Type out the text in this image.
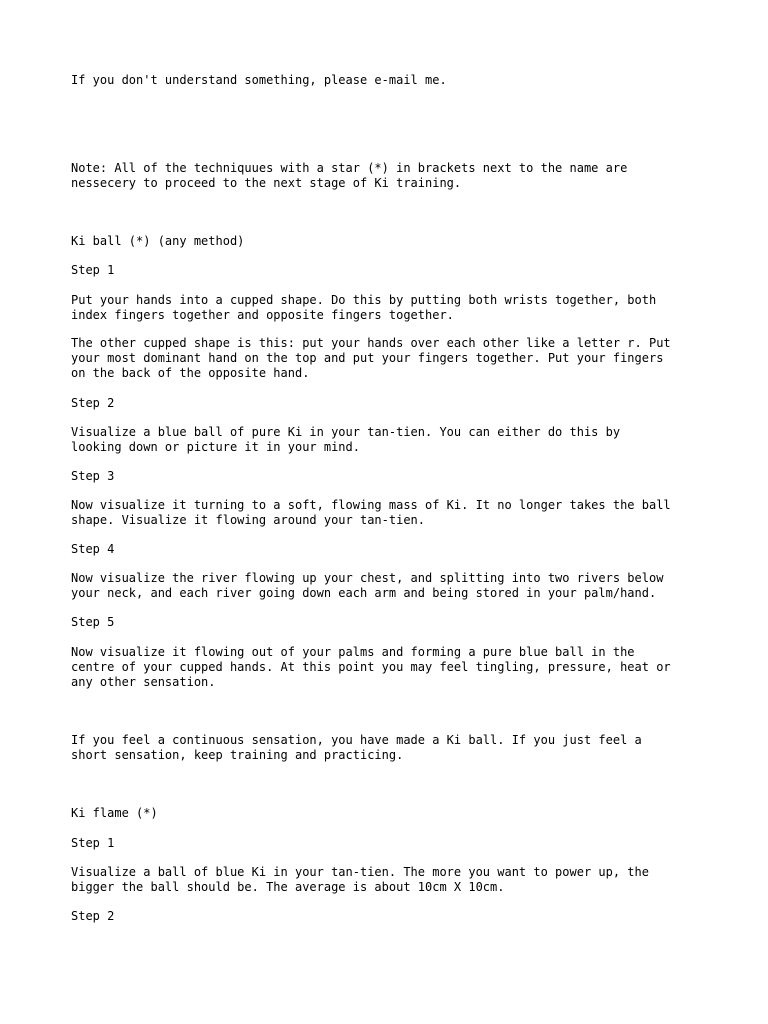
If you don't understand something, please e-mail me.

Note: All of the techniquues with a star (*) in brackets next to the name are
nessecery to proceed to the next stage of Ki training.

Ki ball (*) (any method)

Step 1

Put your hands into a cupped shape. Do this by putting both wrists together, both
index fingers together and opposite fingers together.

The other cupped shape is this: put your hands over each other like a letter r. Put
your most dominant hand on the top and put your fingers together. Put your fingers
on the back of the opposite hand.

Step 2

Visualize a blue ball of pure Ki in your tan-tien. You can either do this by
looking down or picture it in your mind.

Step 3

Now visualize it turning to a soft, flowing mass of Ki. It no longer takes the ball
shape. Visualize it flowing around your tan-tien.

Step 4

Now visualize the river flowing up your chest, and splitting into two rivers below
your neck, and each river going down each arm and being stored in your palm/hand.

Step 5

Now visualize it flowing out of your palms and forming a pure blue ball in the
centre of your cupped hands. At this point you may feel tingling, pressure, heat or
any other sensation.

If you feel a continuous sensation, you have made a Ki ball. If you just feel a
short sensation, keep training and practicing.

Ki flame (*)

Step 1

Visualize a ball of blue Ki in your tan-tien. The more you want to power up, the
bigger the ball should be. The average is about 10cm X 10cm.

Step 2
